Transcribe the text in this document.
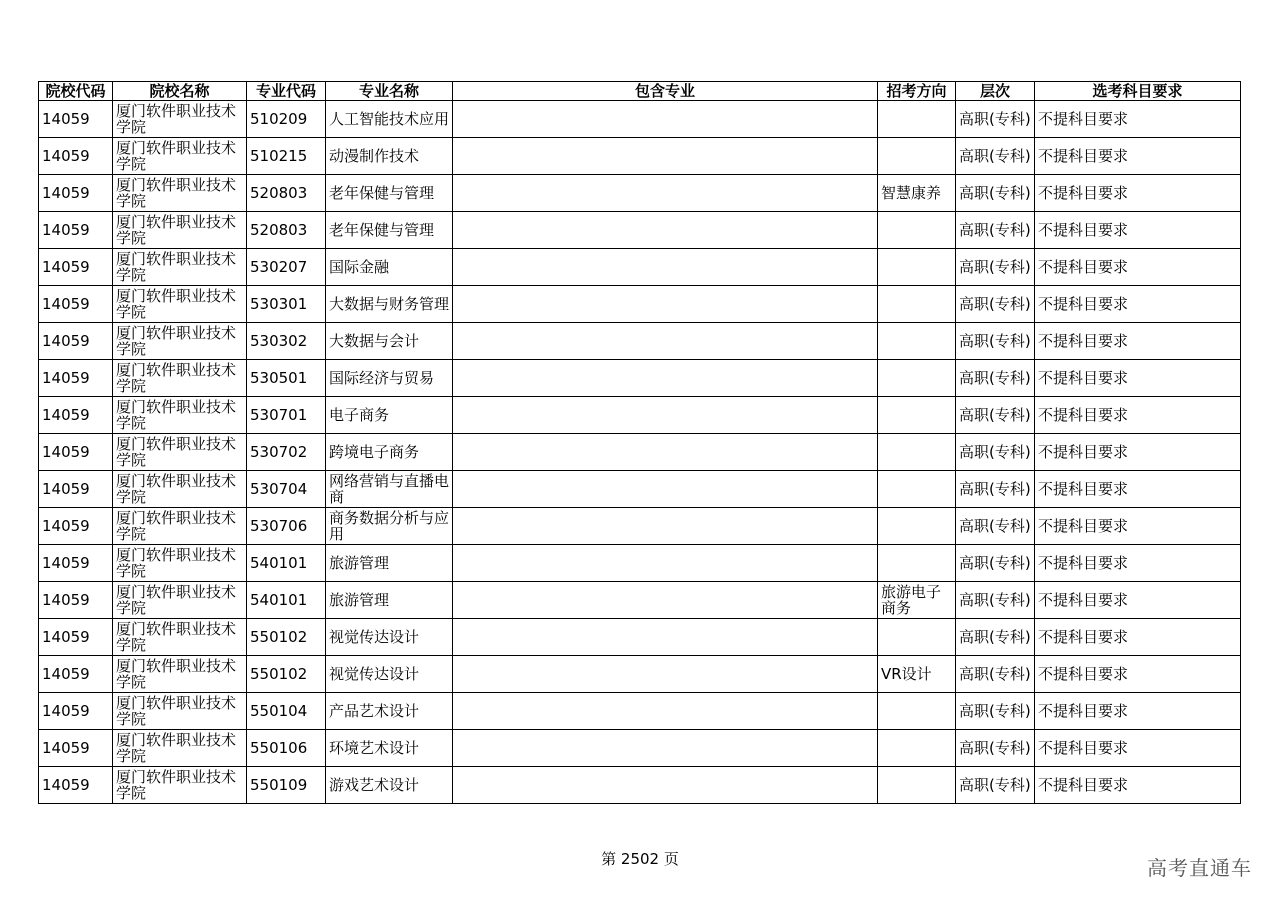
院校代码	院校名称	专业代码	专业名称	包含专业	招考方向	层次	选考科目要求
14059	厦门软件职业技术学院	510209	人工智能技术应用			高职(专科)	不提科目要求
14059	厦门软件职业技术学院	510215	动漫制作技术			高职(专科)	不提科目要求
14059	厦门软件职业技术学院	520803	老年保健与管理		智慧康养	高职(专科)	不提科目要求
14059	厦门软件职业技术学院	520803	老年保健与管理			高职(专科)	不提科目要求
14059	厦门软件职业技术学院	530207	国际金融			高职(专科)	不提科目要求
14059	厦门软件职业技术学院	530301	大数据与财务管理			高职(专科)	不提科目要求
14059	厦门软件职业技术学院	530302	大数据与会计			高职(专科)	不提科目要求
14059	厦门软件职业技术学院	530501	国际经济与贸易			高职(专科)	不提科目要求
14059	厦门软件职业技术学院	530701	电子商务			高职(专科)	不提科目要求
14059	厦门软件职业技术学院	530702	跨境电子商务			高职(专科)	不提科目要求
14059	厦门软件职业技术学院	530704	网络营销与直播电商			高职(专科)	不提科目要求
14059	厦门软件职业技术学院	530706	商务数据分析与应用			高职(专科)	不提科目要求
14059	厦门软件职业技术学院	540101	旅游管理			高职(专科)	不提科目要求
14059	厦门软件职业技术学院	540101	旅游管理		旅游电子商务	高职(专科)	不提科目要求
14059	厦门软件职业技术学院	550102	视觉传达设计			高职(专科)	不提科目要求
14059	厦门软件职业技术学院	550102	视觉传达设计		VR设计	高职(专科)	不提科目要求
14059	厦门软件职业技术学院	550104	产品艺术设计			高职(专科)	不提科目要求
14059	厦门软件职业技术学院	550106	环境艺术设计			高职(专科)	不提科目要求
14059	厦门软件职业技术学院	550109	游戏艺术设计			高职(专科)	不提科目要求
第 2502 页	高考直通车
